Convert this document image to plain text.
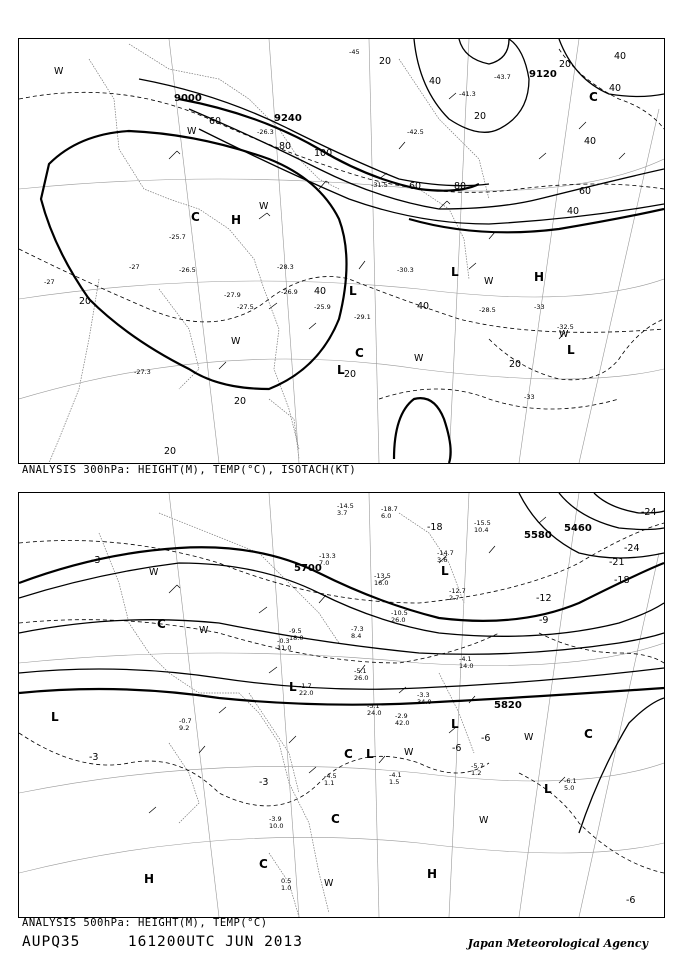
9120
9240
9000
40
60
80
100
20
40
60	80
40
20
40
20
20
20
40
20
20
40
60
40
20
H
H
L
L
L
L
C
C
C
-45
-42.5
-41.3
-43.7
-31.5
-30.3
-26.3
-26.5
-25.7
-27.9
-28.3
-29.1
-32.5
-28.5
-27.5
-27.3
-26.9
-25.9	-33
-33
-27
-27
W
W
W
W
W
W
W
ANALYSIS 300hPa: HEIGHT(M), TEMP(°C), ISOTACH(KT)
5700
5460
5580
5820
-24
-24
-21
-18
-18
-12
-9
-6
-6
-3
-3
-3
-6
L
L
L
L
L
L
H	H
C
C
C
C
C
-14.5
3.7
-15.5
10.4
-18.7
6.0
-13.3
7.0
-14.7
3.6
-13.5
16.0
-12.7
2.7
-9.5
18.0
-10.5
26.0
-7.3
8.4
-5.1
24.0
-3.3
34.0
-2.9
42.0
-4.1
14.0
-5.7
1.2
-4.5
1.1
-4.1
1.5
-3.9
10.0
-0.3
11.0
-1.7
22.0
-0.7
9.2
-5.1
26.0
-6.1
5.0
0.5
1.0
W
W
W
W
W
W
ANALYSIS 500hPa: HEIGHT(M), TEMP(°C)
AUPQ35	161200UTC JUN 2013	Japan Meteorological Agency
